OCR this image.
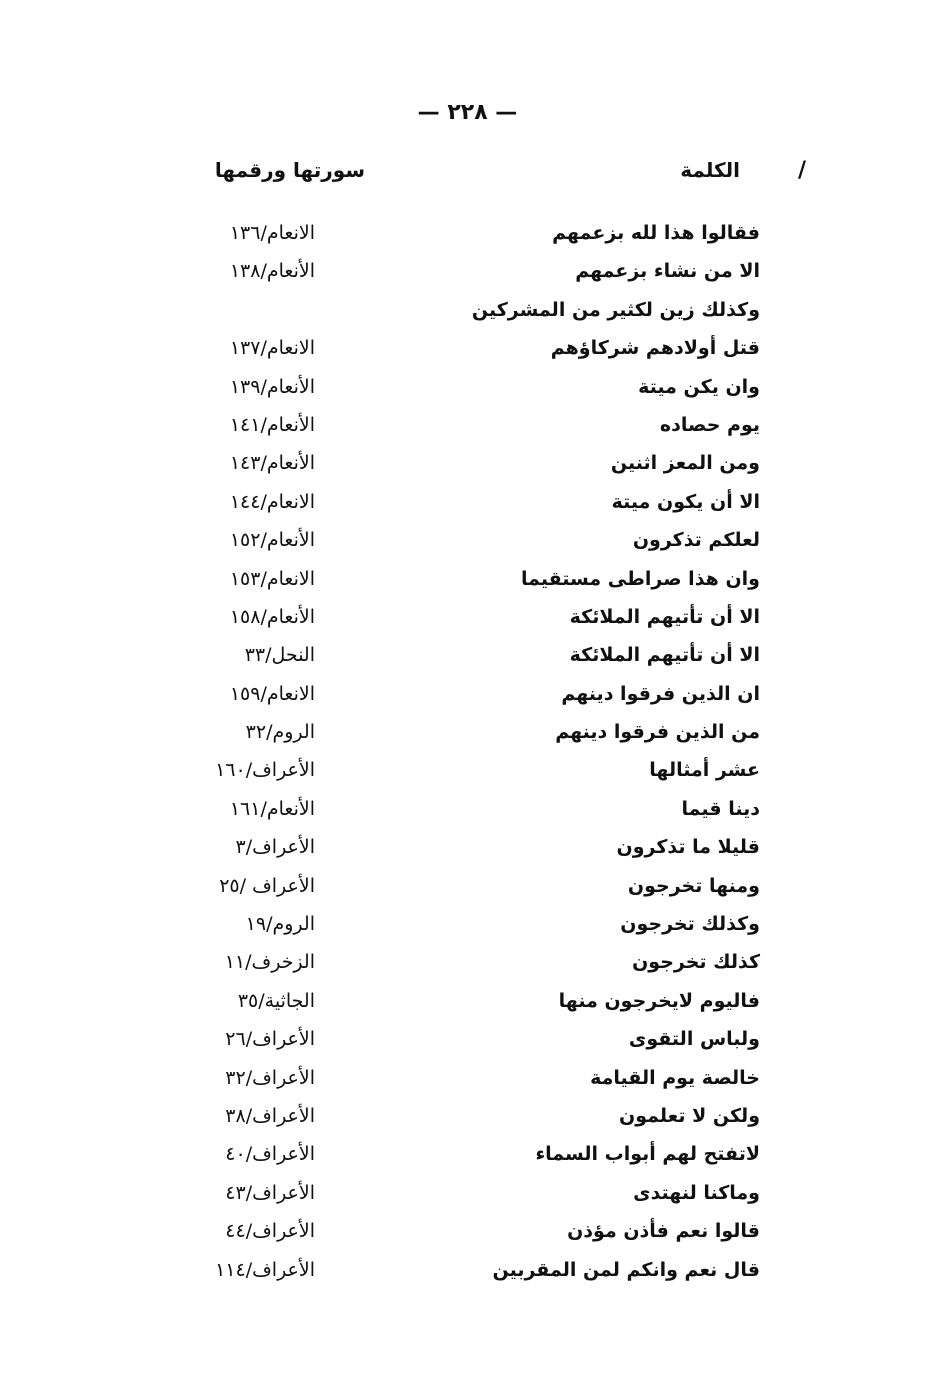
— ٢٢٨ —
/
الكلمة
سورتها ورقمها
فقالوا هذا لله بزعمهم
الانعام/١٣٦
الا من نشاء بزعمهم
الأنعام/١٣٨
وكذلك زين لكثير من المشركين
قتل أولادهم شركاؤهم
الانعام/١٣٧
وان يكن ميتة
الأنعام/١٣٩
يوم حصاده
الأنعام/١٤١
ومن المعز اثنين
الأنعام/١٤٣
الا أن يكون ميتة
الانعام/١٤٤
لعلكم تذكرون
الأنعام/١٥٢
وان هذا صراطى مستقيما
الانعام/١٥٣
الا أن تأتيهم الملائكة
الأنعام/١٥٨
الا أن تأتيهم الملائكة
النحل/٣٣
ان الذين فرقوا دينهم
الانعام/١٥٩
من الذين فرقوا دينهم
الروم/٣٢
عشر أمثالها
الأعراف/١٦٠
دينا قيما
الأنعام/١٦١
قليلا ما تذكرون
الأعراف/٣
ومنها تخرجون
الأعراف /٢٥
وكذلك تخرجون
الروم/١٩
كذلك تخرجون
الزخرف/١١
فاليوم لايخرجون منها
الجاثية/٣٥
ولباس التقوى
الأعراف/٢٦
خالصة يوم القيامة
الأعراف/٣٢
ولكن لا تعلمون
الأعراف/٣٨
لاتفتح لهم أبواب السماء
الأعراف/٤٠
وماكنا لنهتدى
الأعراف/٤٣
قالوا نعم فأذن مؤذن
الأعراف/٤٤
قال نعم وانكم لمن المقربين
الأعراف/١١٤
